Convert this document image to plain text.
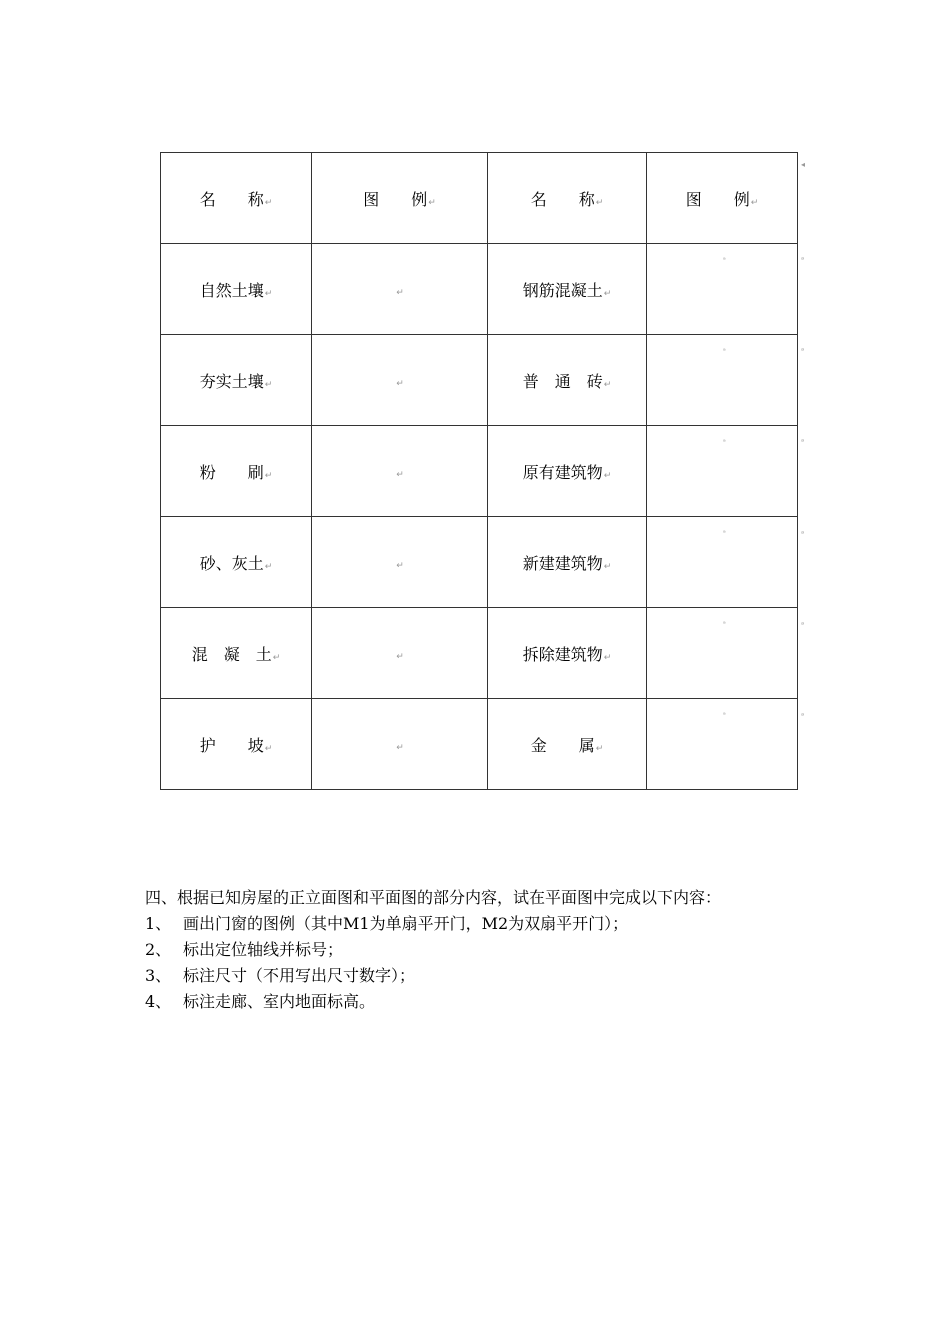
名　　称↵	图　　例↵	名　　称↵	图　　例↵
自然土壤↵	↵	钢筋混凝土↵	ᵃ

夯实土壤↵	↵	普　通　砖↵	ᵃ

粉　　刷↵	↵	原有建筑物↵	ᵃ

砂、灰土↵	↵	新建建筑物↵	ᵃ

混　凝　土↵	↵	拆除建筑物↵	ᵃ

护　　坡↵	↵	金　　属↵	ᵃ
◂
ᵃ
ᵃ
ᵃ
ᵃ
ᵃ
ᵃ
四、根据已知房屋的正立面图和平面图的部分内容，试在平面图中完成以下内容：
1、 画出门窗的图例（其中M1为单扇平开门，M2为双扇平开门）；
2、 标出定位轴线并标号；
3、 标注尺寸（不用写出尺寸数字）；
4、 标注走廊、室内地面标高。
